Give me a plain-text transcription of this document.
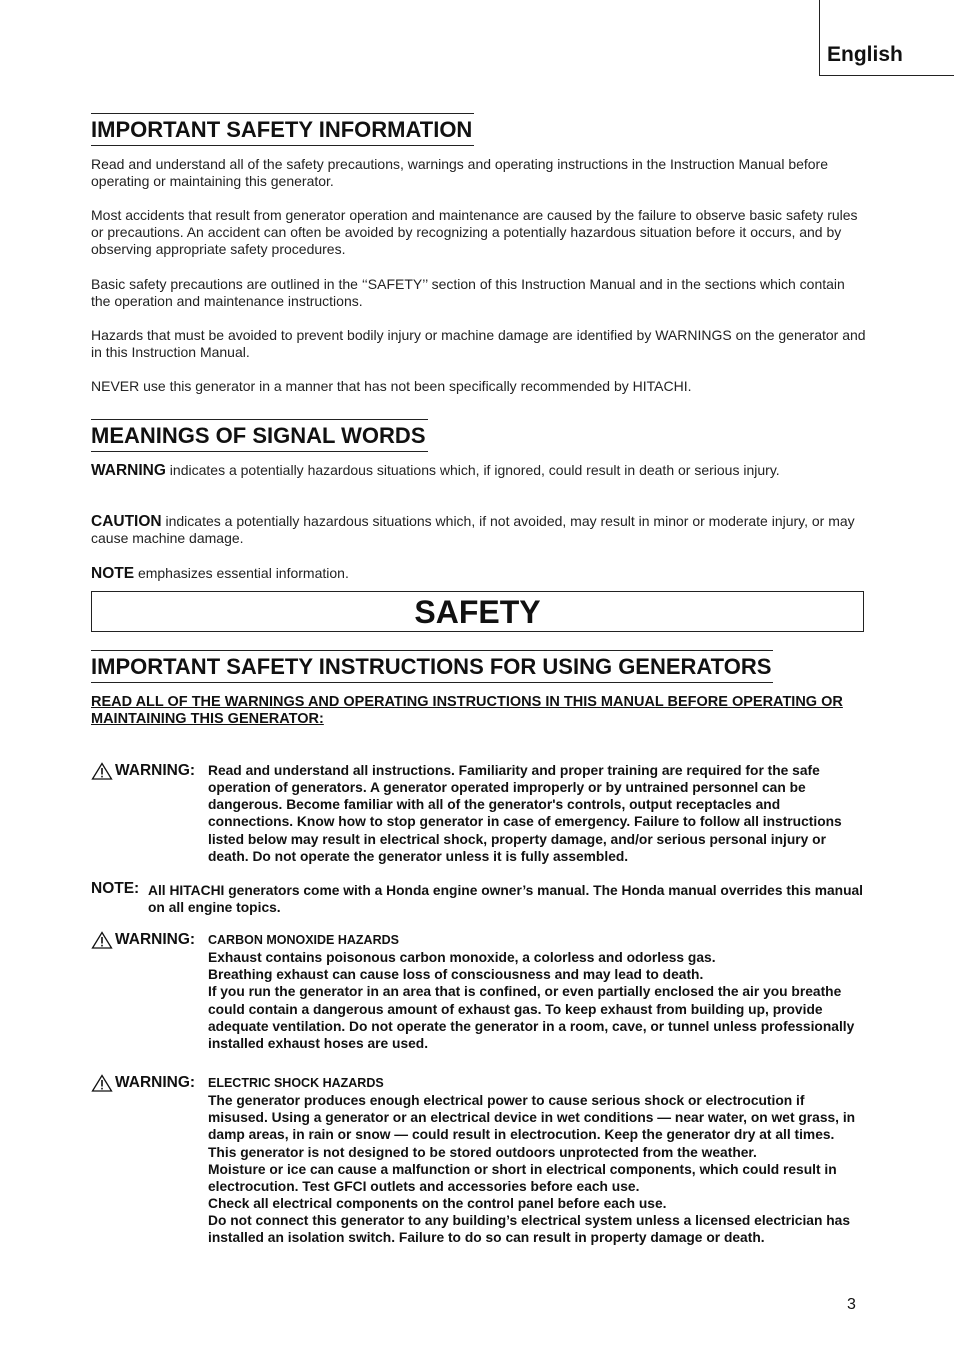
English
IMPORTANT SAFETY INFORMATION

Read and understand all of the safety precautions, warnings and operating instructions in the Instruction Manual before operating or maintaining this generator.

Most accidents that result from generator operation and maintenance are caused by the failure to observe basic safety rules or precautions. An accident can often be avoided by recognizing a potentially hazardous situation before it occurs, and by observing appropriate safety procedures.

Basic safety precautions are outlined in the ‘‘SAFETY’’ section of this Instruction Manual and in the sections which contain the operation and maintenance instructions.

Hazards that must be avoided to prevent bodily injury or machine damage are identified by WARNINGS on the generator and in this Instruction Manual.

NEVER use this generator in a manner that has not been specifically recommended by HITACHI.

MEANINGS OF SIGNAL WORDS

WARNING indicates a potentially hazardous situations which, if ignored, could result in death or serious injury.

CAUTION indicates a potentially hazardous situations which, if not avoided, may result in minor or moderate injury, or may cause machine damage.

NOTE emphasizes essential information.

SAFETY
IMPORTANT SAFETY INSTRUCTIONS FOR USING GENERATORS

READ ALL OF THE WARNINGS AND OPERATING INSTRUCTIONS IN THIS MANUAL BEFORE OPERATING OR MAINTAINING THIS GENERATOR:

WARNING: Read and understand all instructions. Familiarity and proper training are required for the safe operation of generators. A generator operated improperly or by untrained personnel can be dangerous. Become familiar with all of the generator's controls, output receptacles and connections. Know how to stop generator in case of emergency. Failure to follow all instructions listed below may result in electrical shock, property damage, and/or serious personal injury or death. Do not operate the generator unless it is fully assembled.

NOTE: All HITACHI generators come with a Honda engine owner’s manual. The Honda manual overrides this manual on all engine topics.

WARNING: CARBON MONOXIDE HAZARDS
Exhaust contains poisonous carbon monoxide, a colorless and odorless gas.
Breathing exhaust can cause loss of consciousness and may lead to death.
If you run the generator in an area that is confined, or even partially enclosed the air you breathe could contain a dangerous amount of exhaust gas. To keep exhaust from building up, provide adequate ventilation. Do not operate the generator in a room, cave, or tunnel unless professionally installed exhaust hoses are used.
WARNING: ELECTRIC SHOCK HAZARDS
The generator produces enough electrical power to cause serious shock or electrocution if misused. Using a generator or an electrical device in wet conditions — near water, on wet grass, in damp areas, in rain or snow — could result in electrocution. Keep the generator dry at all times.
This generator is not designed to be stored outdoors unprotected from the weather.
Moisture or ice can cause a malfunction or short in electrical components, which could result in electrocution. Test GFCI outlets and accessories before each use.
Check all electrical components on the control panel before each use.
Do not connect this generator to any building’s electrical system unless a licensed electrician has installed an isolation switch. Failure to do so can result in property damage or death.
3
